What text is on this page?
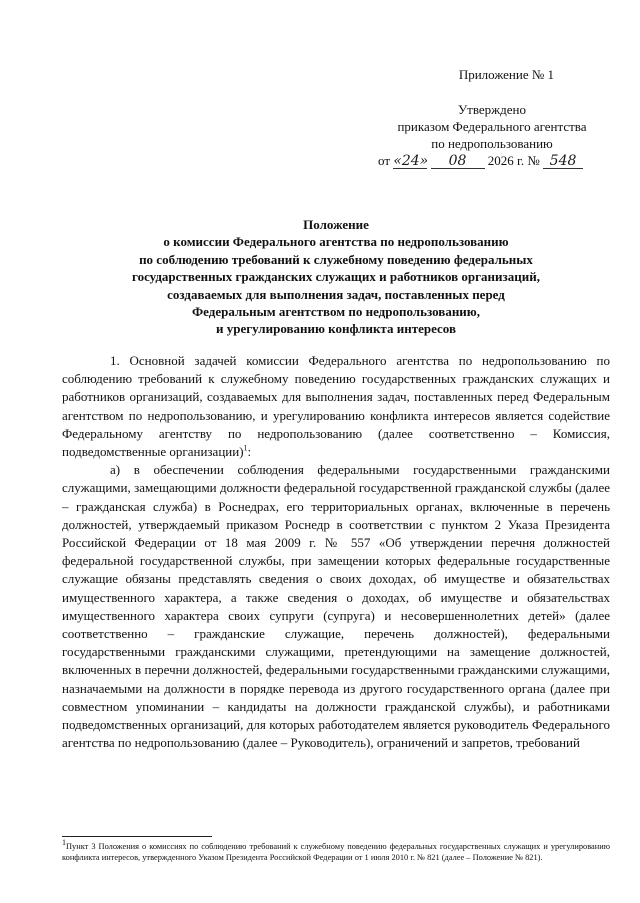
Приложение № 1
Утверждено
приказом Федерального агентства
по недропользованию
от «24» 08 2026 г. № 548
Положение
о комиссии Федерального агентства по недропользованию
по соблюдению требований к служебному поведению федеральных
государственных гражданских служащих и работников организаций,
создаваемых для выполнения задач, поставленных перед
Федеральным агентством по недропользованию,
и урегулированию конфликта интересов

1. Основной задачей комиссии Федерального агентства по недропользованию по соблюдению требований к служебному поведению государственных гражданских служащих и работников организаций, создаваемых для выполнения задач, поставленных перед Федеральным агентством по недропользованию, и урегулированию конфликта интересов является содействие Федеральному агентству по недропользованию (далее соответственно – Комиссия, подведомственные организации)$^1$:

а) в обеспечении соблюдения федеральными государственными гражданскими служащими, замещающими должности федеральной государственной гражданской службы (далее – гражданская служба) в Роснедрах, его территориальных органах, включенные в перечень должностей, утверждаемый приказом Роснедр в соответствии с пунктом 2 Указа Президента Российской Федерации от 18 мая 2009 г. № 557 «Об утверждении перечня должностей федеральной государственной службы, при замещении которых федеральные государственные служащие обязаны представлять сведения о своих доходах, об имуществе и обязательствах имущественного характера, а также сведения о доходах, об имуществе и обязательствах имущественного характера своих супруги (супруга) и несовершеннолетних детей» (далее соответственно – гражданские служащие, перечень должностей), федеральными государственными гражданскими служащими, претендующими на замещение должностей, включенных в перечни должностей, федеральными государственными гражданскими служащими, назначаемыми на должности в порядке перевода из другого государственного органа (далее при совместном упоминании – кандидаты на должности гражданской службы), и работниками подведомственных организаций, для которых работодателем является руководитель Федерального агентства по недропользованию (далее – Руководитель), ограничений и запретов, требований

$^1$Пункт 3 Положения о комиссиях по соблюдению требований к служебному поведению федеральных государственных служащих и урегулированию конфликта интересов, утвержденного Указом Президента Российской Федерации от 1 июля 2010 г. № 821 (далее – Положение № 821).
